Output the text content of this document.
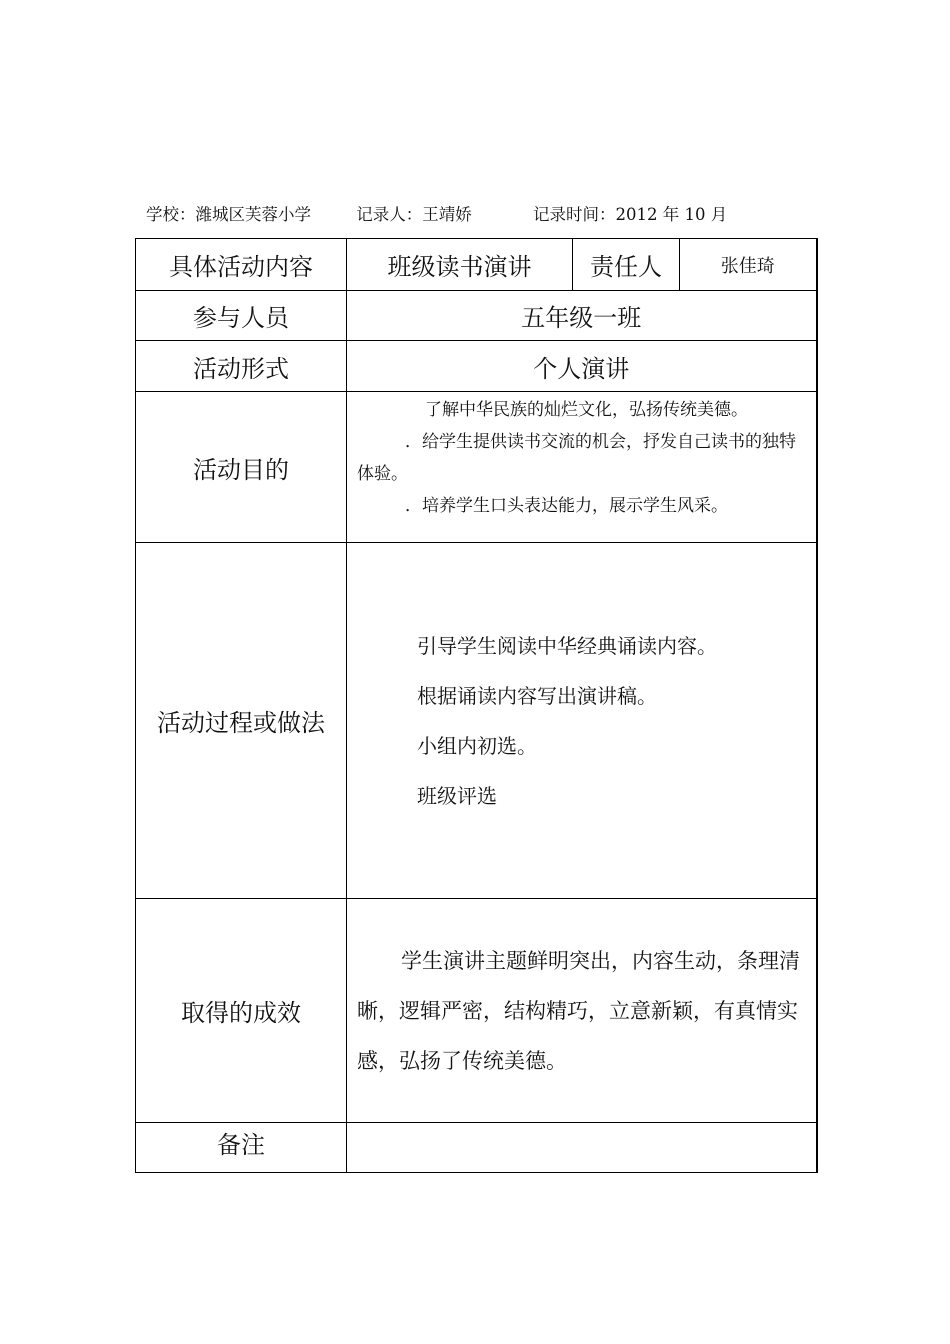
学校：潍城区芙蓉小学	记录人：王靖娇	记录时间：2012 年 10 月
具体活动内容	班级读书演讲	责任人	张佳琦
参与人员	五年级一班		
活动形式	个人演讲		
活动目的	了解中华民族的灿烂文化，弘扬传统美德。

．给学生提供读书交流的机会，抒发自己读书的独特体验。

．培养学生口头表达能力，展示学生风采。		

活动过程或做法	引导学生阅读中华经典诵读内容。

根据诵读内容写出演讲稿。

小组内初选。

班级评选		

取得的成效	学生演讲主题鲜明突出，内容生动，条理清晰，逻辑严密，结构精巧，立意新颖，有真情实感，弘扬了传统美德。		

备注			
